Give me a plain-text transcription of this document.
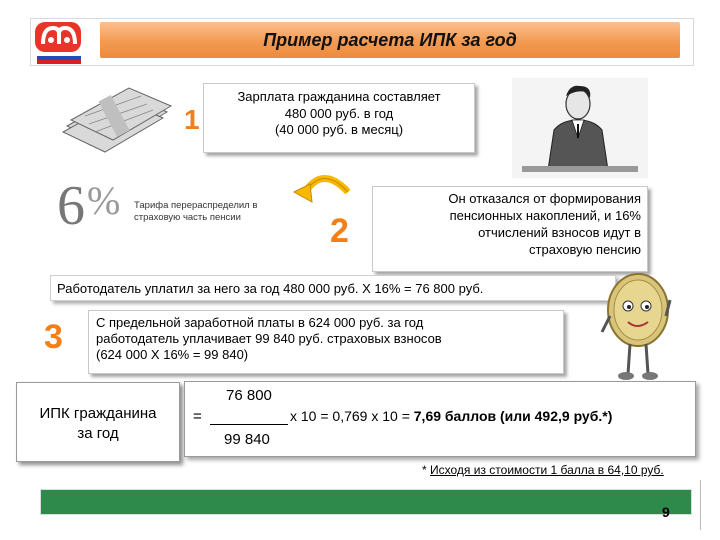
Пример расчета ИПК за год
1
Зарплата гражданина составляет
480 000 руб. в год
(40 000 руб. в месяц)
6 % Тарифа перераспределил в
страховую часть пенсии	2
Он отказался от формирования
пенсионных накоплений, и 16%
отчислений взносов идут в
страховую пенсию
Работодатель уплатил за него за год 480 000 руб. Х 16% = 76 800 руб.
3	С предельной заработной платы в 624 000 руб. за год
работодатель уплачивает 99 840 руб. страховых взносов
(624 000 Х 16% = 99 840)
ИПК гражданина
за год
76 800
=	х 10 = 0,769 х 10 = 7,69 баллов (или 492,9 руб.*)
99 840
* Исходя из стоимости 1 балла в 64,10 руб.
9
